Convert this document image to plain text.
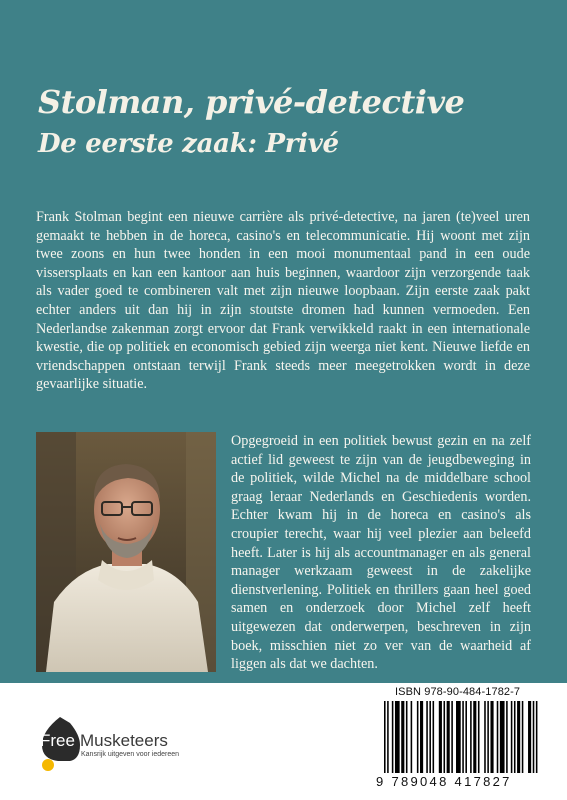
Stolman, privé-detective
De eerste zaak: Privé

Frank Stolman begint een nieuwe carrière als privé-detective, na jaren (te)veel uren gemaakt te hebben in de horeca, casino's en telecommunicatie. Hij woont met zijn twee zoons en hun twee honden in een mooi monumentaal pand in een oude vissersplaats en kan een kantoor aan huis beginnen, waardoor zijn verzorgende taak als vader goed te combineren valt met zijn nieuwe loopbaan. Zijn eerste zaak pakt echter anders uit dan hij in zijn stoutste dromen had kunnen vermoeden. Een Nederlandse zakenman zorgt ervoor dat Frank verwikkeld raakt in een internationale kwestie, die op politiek en economisch gebied zijn weerga niet kent. Nieuwe liefde en vriendschappen ontstaan terwijl Frank steeds meer meegetrokken wordt in deze gevaarlijke situatie.

Opgegroeid in een politiek bewust gezin en na zelf actief lid geweest te zijn van de jeugdbeweging in de politiek, wilde Michel na de middelbare school graag leraar Nederlands en Geschiedenis worden. Echter kwam hij in de horeca en casino's als croupier terecht, waar hij veel plezier aan beleefd heeft. Later is hij als accountmanager en als general manager werkzaam geweest in de zakelijke dienstverlening. Politiek en thrillers gaan heel goed samen en onderzoek door Michel zelf heeft uitgewezen dat onderwerpen, beschreven in zijn boek, misschien niet zo ver van de waarheid af liggen als dat we dachten.

Free Musketeers
Kansrijk uitgeven voor iedereen
ISBN 978-90-484-1782-7
9 789048 417827
